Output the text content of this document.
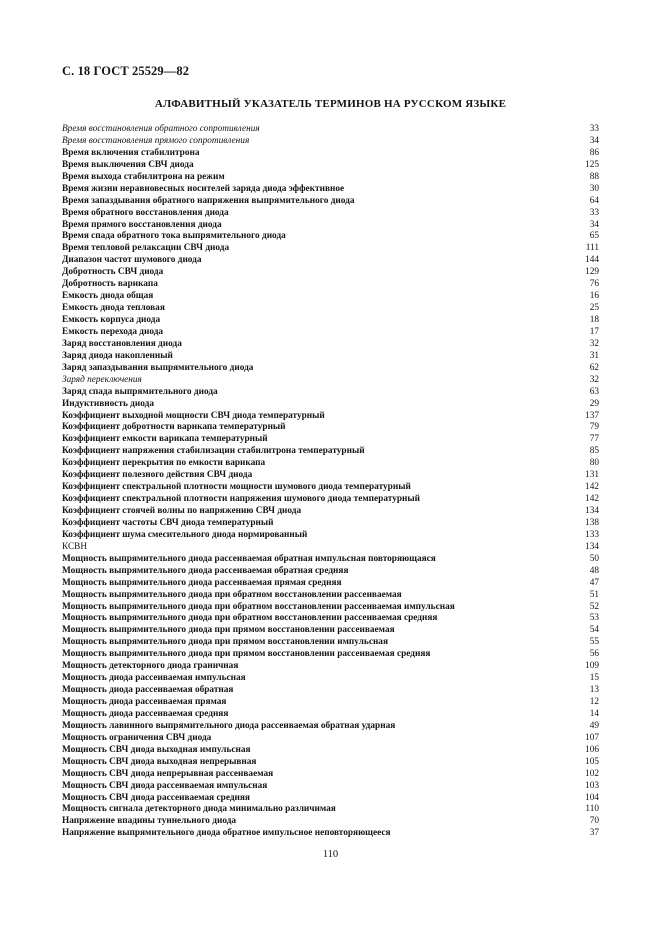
С. 18 ГОСТ 25529—82
АЛФАВИТНЫЙ УКАЗАТЕЛЬ ТЕРМИНОВ НА РУССКОМ ЯЗЫКЕ
Время восстановления обратного сопротивления	33
Время восстановления прямого сопротивления	34
Время включения стабилитрона	86
Время выключения СВЧ диода	125
Время выхода стабилитрона на режим	88
Время жизни неравновесных носителей заряда диода эффективное	30
Время запаздывания обратного напряжения выпрямительного диода	64
Время обратного восстановления диода	33
Время прямого восстановления диода	34
Время спада обратного тока выпрямительного диода	65
Время тепловой релаксации СВЧ диода	111
Диапазон частот шумового диода	144
Добротность СВЧ диода	129
Добротность варикапа	76
Емкость диода общая	16
Емкость диода тепловая	25
Емкость корпуса диода	18
Емкость перехода диода	17
Заряд восстановления диода	32
Заряд диода накопленный	31
Заряд запаздывания выпрямительного диода	62
Заряд переключения	32
Заряд спада выпрямительного диода	63
Индуктивность диода	29
Коэффициент выходной мощности СВЧ диода температурный	137
Коэффициент добротности варикапа температурный	79
Коэффициент емкости варикапа температурный	77
Коэффициент напряжения стабилизации стабилитрона температурный	85
Коэффициент перекрытия по емкости варикапа	80
Коэффициент полезного действия СВЧ диода	131
Коэффициент спектральной плотности мощности шумового диода температурный	142
Коэффициент спектральной плотности напряжения шумового диода температурный	142
Коэффициент стоячей волны по напряжению СВЧ диода	134
Коэффициент частоты СВЧ диода температурный	138
Коэффициент шума смесительного диода нормированный	133
КСВН	134
Мощность выпрямительного диода рассеиваемая обратная импульсная повторяющаяся	50
Мощность выпрямительного диода рассеиваемая обратная средняя	48
Мощность выпрямительного диода рассеиваемая прямая средняя	47
Мощность выпрямительного диода при обратном восстановлении рассеиваемая	51
Мощность выпрямительного диода при обратном восстановлении рассеиваемая импульсная	52
Мощность выпрямительного диода при обратном восстановлении рассеиваемая средняя	53
Мощность выпрямительного диода при прямом восстановлении рассеиваемая	54
Мощность выпрямительного диода при прямом восстановлении импульсная	55
Мощность выпрямительного диода при прямом восстановлении рассеиваемая средняя	56
Мощность детекторного диода граничная	109
Мощность диода рассеиваемая импульсная	15
Мощность диода рассеиваемая обратная	13
Мощность диода рассеиваемая прямая	12
Мощность диода рассеиваемая средняя	14
Мощность лавинного выпрямительного диода рассеиваемая обратная ударная	49
Мощность ограничения СВЧ диода	107
Мощность СВЧ диода выходная импульсная	106
Мощность СВЧ диода выходная непрерывная	105
Мощность СВЧ диода непрерывная рассеиваемая	102
Мощность СВЧ диода рассеиваемая импульсная	103
Мощность СВЧ диода рассеиваемая средняя	104
Мощность сигнала детекторного диода минимально различимая	110
Напряжение впадины туннельного диода	70
Напряжение выпрямительного диода обратное импульсное неповторяющееся	37
110
